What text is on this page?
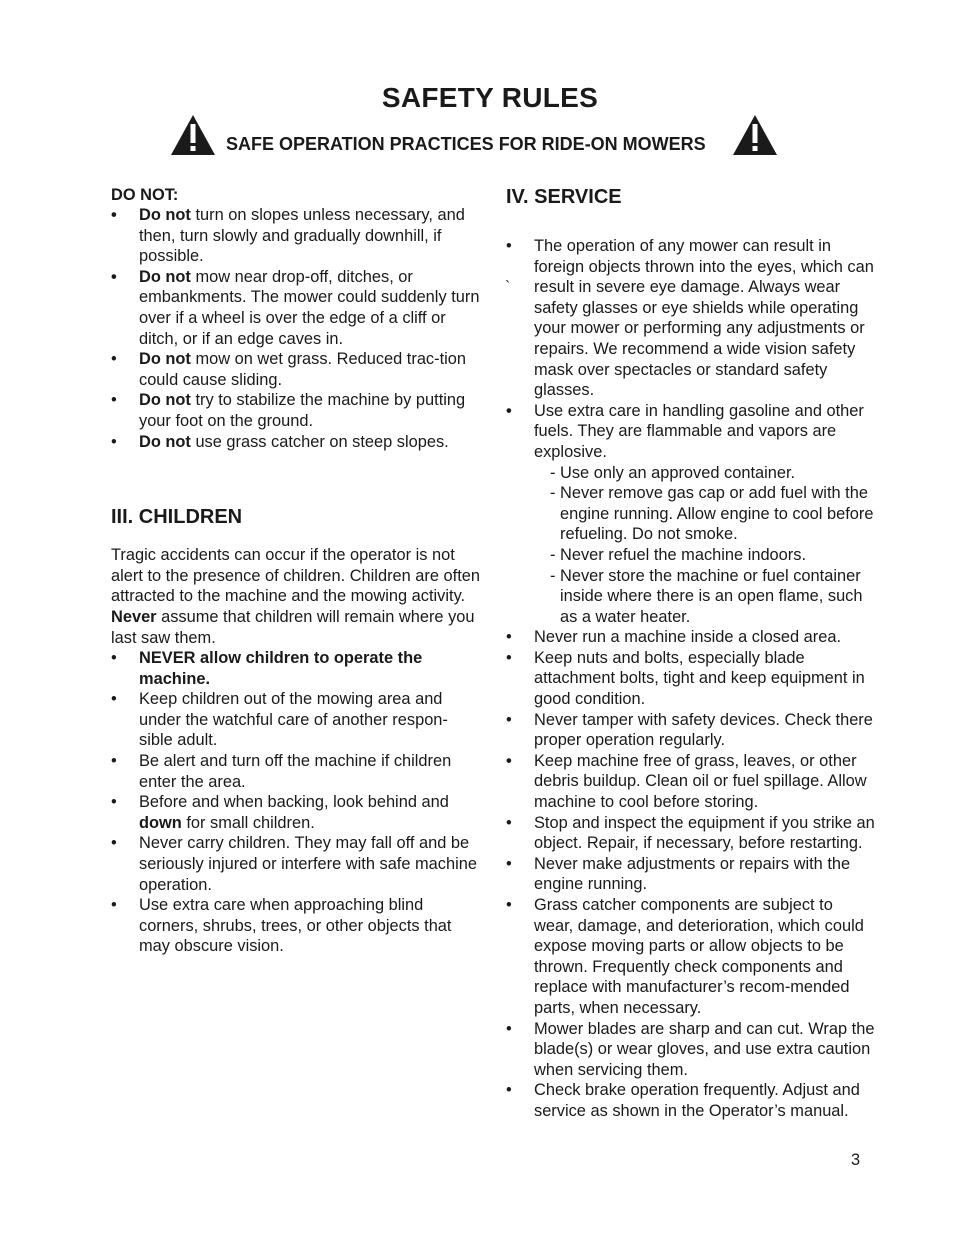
SAFETY RULES
SAFE OPERATION PRACTICES FOR RIDE-ON MOWERS

DO NOT:

•	Do not turn on slopes unless necessary, and then, turn slowly and gradually downhill, if possible.
•	Do not mow near drop-off, ditches, or embankments. The mower could suddenly turn over if a wheel is over the edge of a cliff or ditch, or if an edge caves in.
•	Do not mow on wet grass. Reduced trac-tion could cause sliding.
•	Do not try to stabilize the machine by putting your foot on the ground.
•	Do not use grass catcher on steep slopes.

III. CHILDREN

Tragic accidents can occur if the operator is not alert to the presence of children. Children are often attracted to the machine and the mowing activity. Never assume that children will remain where you last saw them.

•	NEVER allow children to operate the machine.
•	Keep children out of the mowing area and under the watchful care of another respon-sible adult.
•	Be alert and turn off the machine if children enter the area.
•	Before and when backing, look behind and down for small children.
•	Never carry children. They may fall off and be seriously injured or interfere with safe machine operation.
•	Use extra care when approaching blind corners, shrubs, trees, or other objects that may obscure vision.

IV. SERVICE

•	The operation of any mower can result in foreign objects thrown into the eyes, which can result in severe eye damage. Always wear safety glasses or eye shields while operating your mower or performing any adjustments or repairs. We recommend a wide vision safety mask over spectacles or standard safety glasses.
•	Use extra care in handling gasoline and other fuels. They are flammable and vapors are explosive.
- Use only an approved container.
- Never remove gas cap or add fuel with the engine running. Allow engine to cool before refueling. Do not smoke.
- Never refuel the machine indoors.
- Never store the machine or fuel container inside where there is an open flame, such as a water heater.
•	Never run a machine inside a closed area.
•	Keep nuts and bolts, especially blade attachment bolts, tight and keep equipment in good condition.
•	Never tamper with safety devices. Check there proper operation regularly.
•	Keep machine free of grass, leaves, or other debris buildup. Clean oil or fuel spillage. Allow machine to cool before storing.
•	Stop and inspect the equipment if you strike an object. Repair, if necessary, before restarting.
•	Never make adjustments or repairs with the engine running.
•	Grass catcher components are subject to wear, damage, and deterioration, which could expose moving parts or allow objects to be thrown. Frequently check components and replace with manufacturer’s recom-mended parts, when necessary.
•	Mower blades are sharp and can cut. Wrap the blade(s) or wear gloves, and use extra caution when servicing them.
•	Check brake operation frequently. Adjust and service as shown in the Operator’s manual.
`
3
